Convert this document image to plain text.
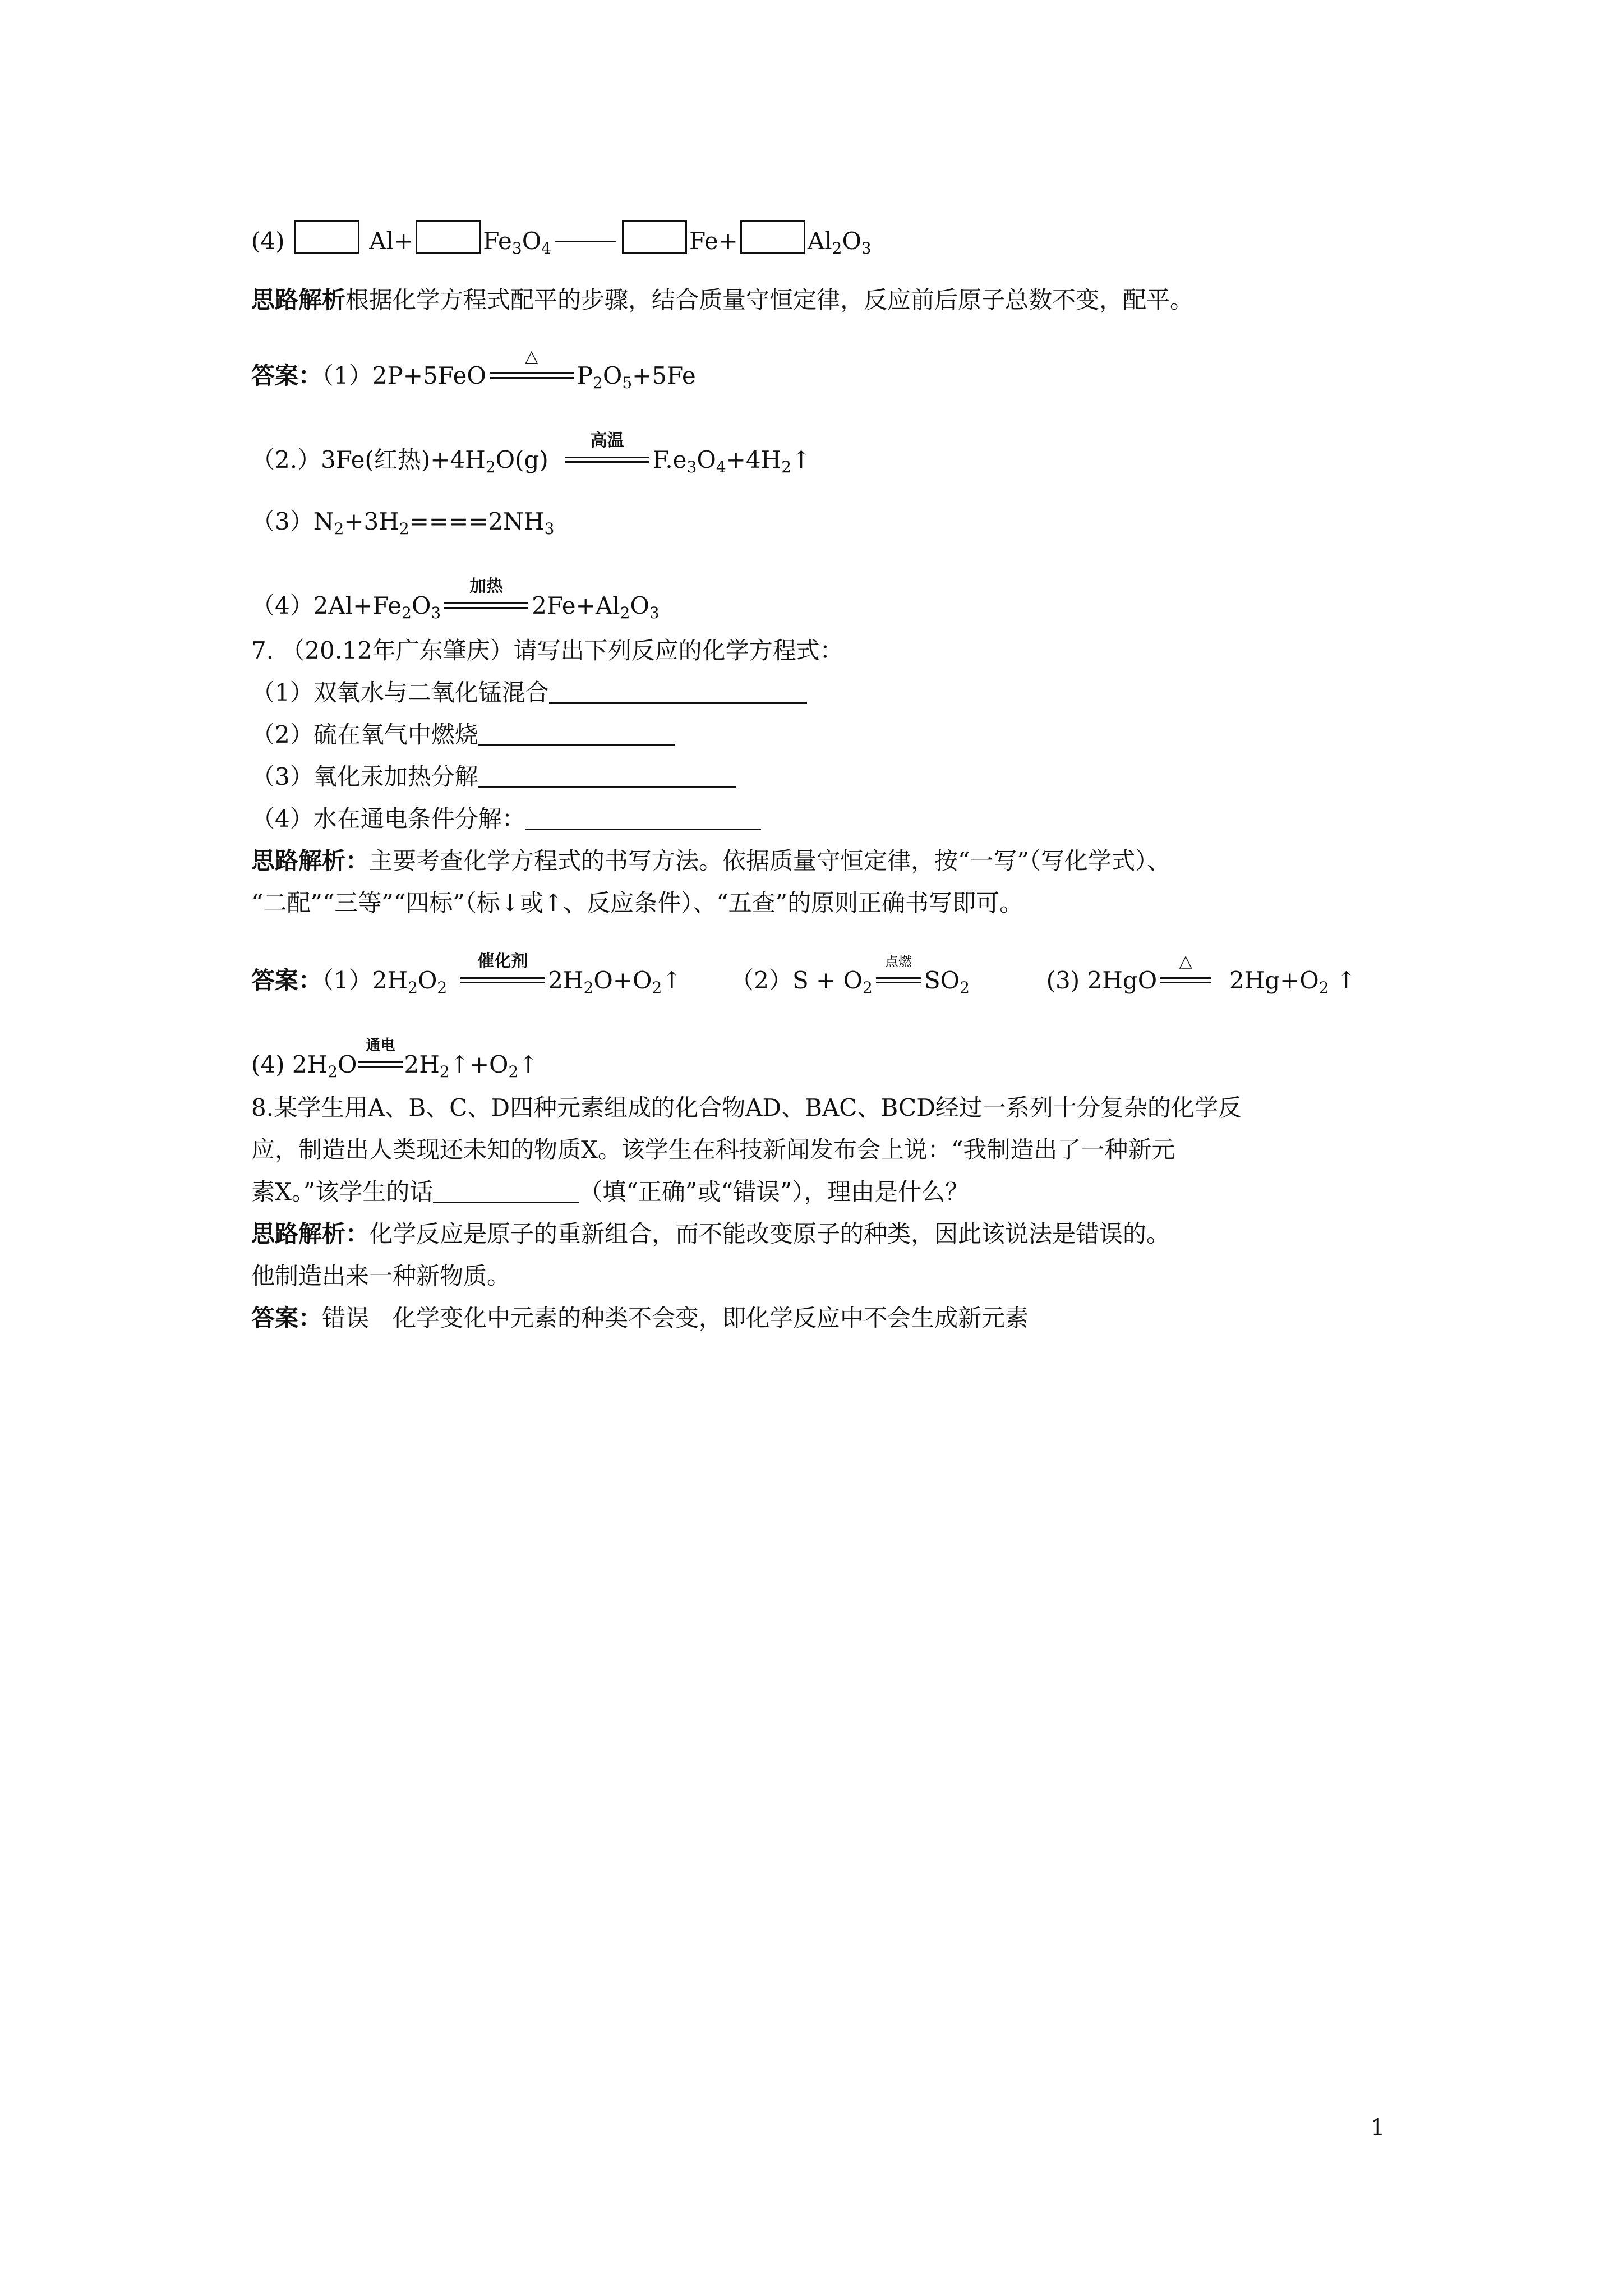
(4)	Al+	$Fe_3O_4$	Fe+	$Al_2O_3$
思路解析根据化学方程式配平的步骤，结合质量守恒定律，反应前后原子总数不变，配平。
答案：（1）2P+5FeO
△
$P_2O_5+5Fe$
（2.）3Fe(红热)$+4H_2O(g)$
高温
$F.e_3O_4+4H_2↑$
$(3)N_2+3H_2====2NH_3$
$(4)2Al+Fe_2O_3$
加热
$2Fe+Al_2O_3$
7. （20.12年广东肇庆）请写出下列反应的化学方程式：
（1）双氧水与二氧化锰混合
（2）硫在氧气中燃烧
（3）氧化汞加热分解
（4）水在通电条件分解：
思路解析：主要考查化学方程式的书写方法。依据质量守恒定律，按“一写”（写化学式）、
“二配”“三等”“四标”（标↓或↑、反应条件）、“五查”的原则正确书写即可。
答案：$(1)2H_2O_2$
催化剂
$2H_2O+O_2↑$ $(2)S + O_2$
点燃
$SO_2$	(3) 2HgO
△
$2Hg+O_2$ ↑
(4) $2H_2O$
通电
$2H_2↑+O_2↑$
8.某学生用A、B、C、D四种元素组成的化合物AD、BAC、BCD经过一系列十分复杂的化学反
应，制造出人类现还未知的物质X。该学生在科技新闻发布会上说：“我制造出了一种新元
素X。”该学生的话	（填“正确”或“错误”），理由是什么？
思路解析：化学反应是原子的重新组合，而不能改变原子的种类，因此该说法是错误的。
他制造出来一种新物质。
答案：错误　化学变化中元素的种类不会变，即化学反应中不会生成新元素
1
